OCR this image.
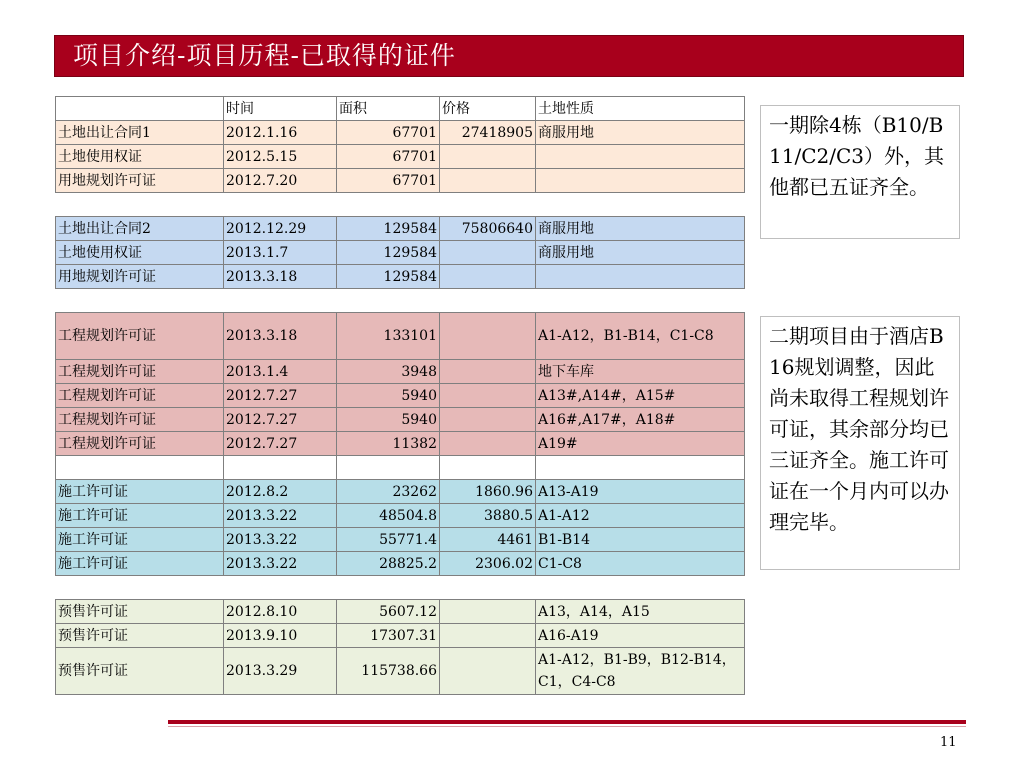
项目介绍-项目历程-已取得的证件
	时间	面积	价格	土地性质
土地出让合同1	2012.1.16	67701	27418905	商服用地
土地使用权证	2012.5.15	67701		
用地规划许可证	2012.7.20	67701		

土地出让合同2	2012.12.29	129584	75806640	商服用地
土地使用权证	2013.1.7	129584		商服用地
用地规划许可证	2013.3.18	129584		

工程规划许可证	2013.3.18	133101		A1-A12，B1-B14，C1-C8
工程规划许可证	2013.1.4	3948		地下车库
工程规划许可证	2012.7.27	5940		A13#,A14#，A15#
工程规划许可证	2012.7.27	5940		A16#,A17#，A18#
工程规划许可证	2012.7.27	11382		A19#

施工许可证	2012.8.2	23262	1860.96	A13-A19
施工许可证	2013.3.22	48504.8	3880.5	A1-A12
施工许可证	2013.3.22	55771.4	4461	B1-B14
施工许可证	2013.3.22	28825.2	2306.02	C1-C8

预售许可证	2012.8.10	5607.12		A13，A14，A15
预售许可证	2013.9.10	17307.31		A16-A19
预售许可证	2013.3.29	115738.66		A1-A12，B1-B9，B12-B14，C1，C4-C8
一期除4栋（B10/B11/C2/C3）外，其他都已五证齐全。
二期项目由于酒店B16规划调整，因此尚未取得工程规划许可证，其余部分均已三证齐全。施工许可证在一个月内可以办理完毕。
11
